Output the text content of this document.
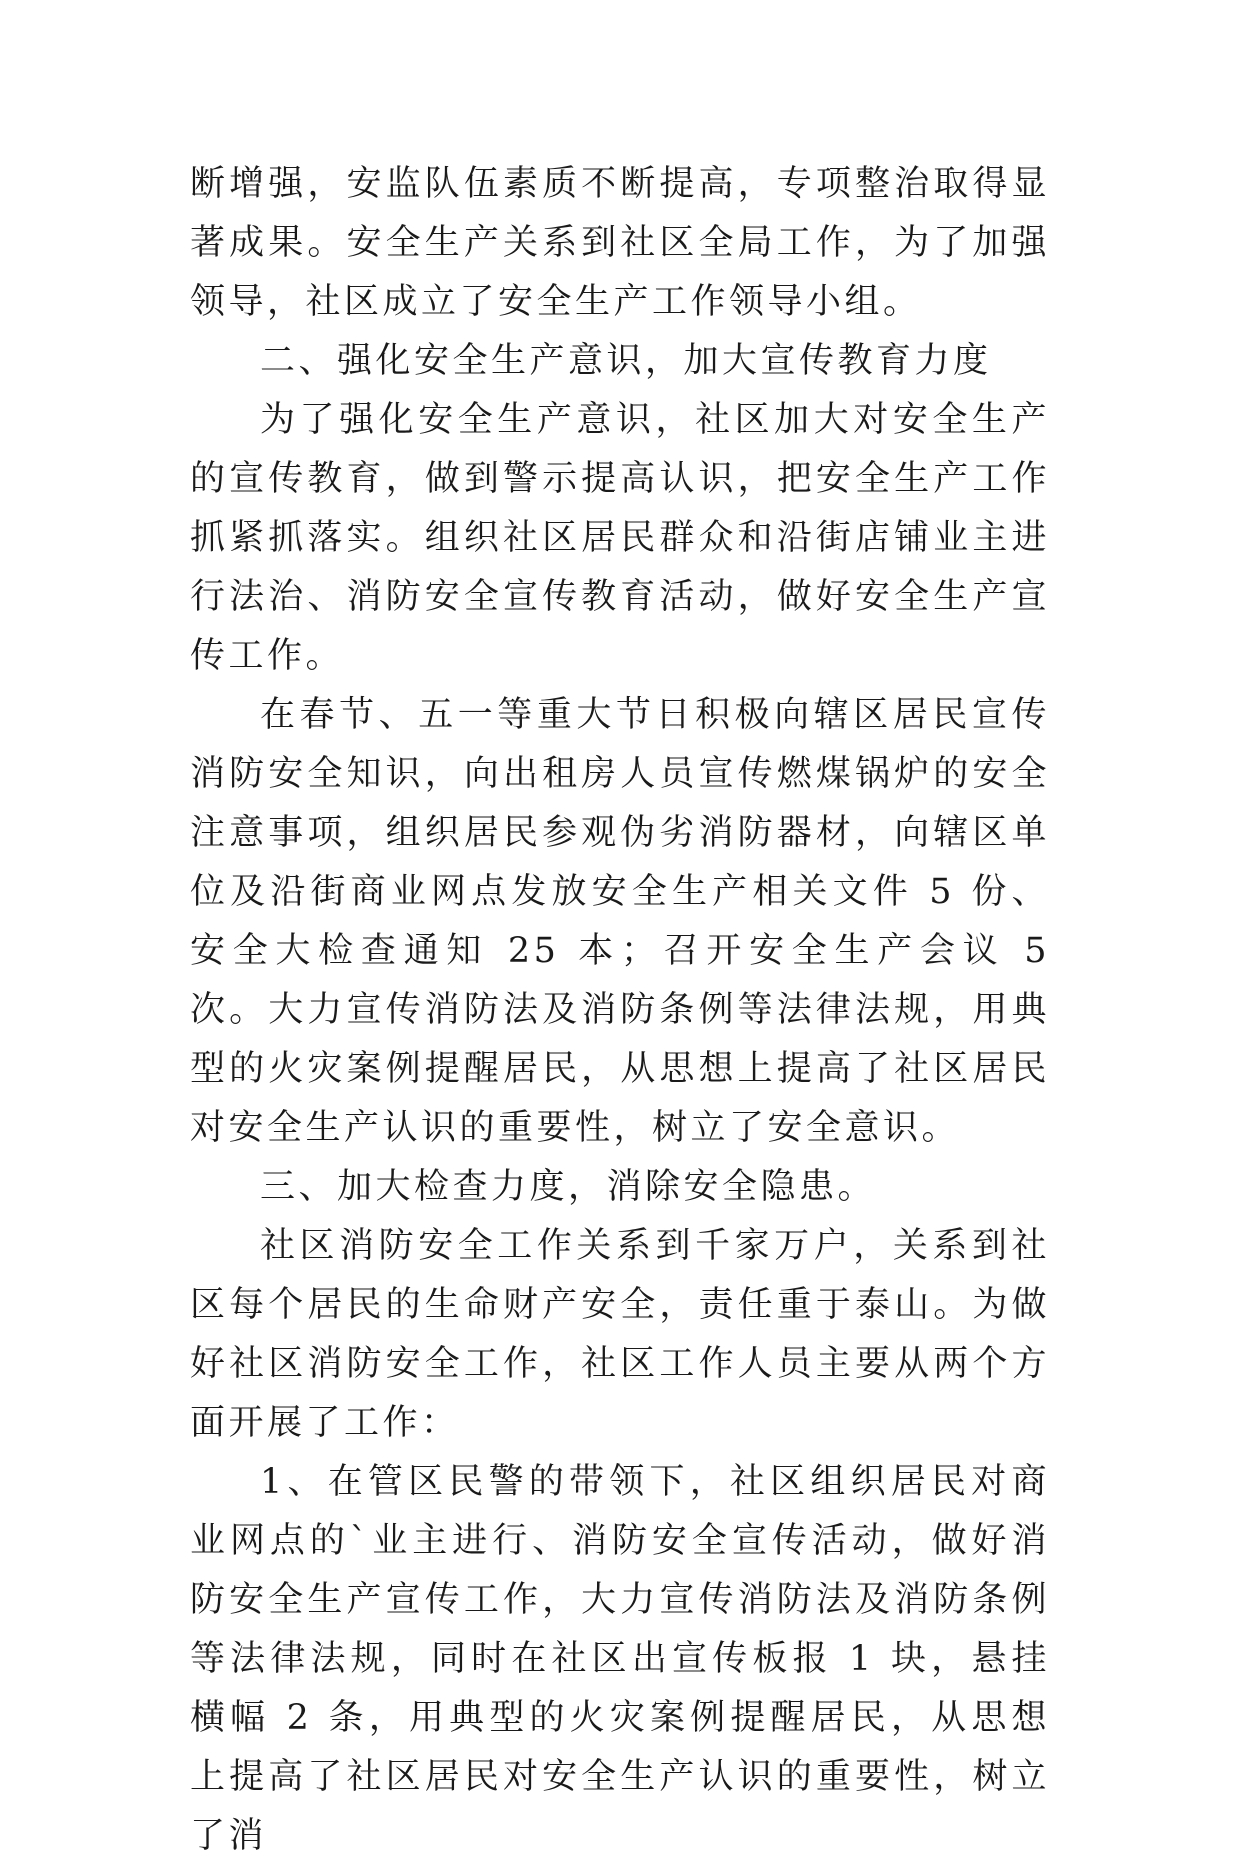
断增强，安监队伍素质不断提高，专项整治取得显著成果。安全生产关系到社区全局工作，为了加强领导，社区成立了安全生产工作领导小组。

二、强化安全生产意识，加大宣传教育力度

为了强化安全生产意识，社区加大对安全生产的宣传教育，做到警示提高认识，把安全生产工作抓紧抓落实。组织社区居民群众和沿街店铺业主进行法治、消防安全宣传教育活动，做好安全生产宣传工作。

在春节、五一等重大节日积极向辖区居民宣传消防安全知识，向出租房人员宣传燃煤锅炉的安全注意事项，组织居民参观伪劣消防器材，向辖区单位及沿街商业网点发放安全生产相关文件 5 份、安全大检查通知 25 本；召开安全生产会议 5 次。大力宣传消防法及消防条例等法律法规，用典型的火灾案例提醒居民，从思想上提高了社区居民对安全生产认识的重要性，树立了安全意识。

三、加大检查力度，消除安全隐患。

社区消防安全工作关系到千家万户，关系到社区每个居民的生命财产安全，责任重于泰山。为做好社区消防安全工作，社区工作人员主要从两个方面开展了工作：

1、在管区民警的带领下，社区组织居民对商业网点的`业主进行、消防安全宣传活动，做好消防安全生产宣传工作，大力宣传消防法及消防条例等法律法规，同时在社区出宣传板报 1 块，悬挂横幅 2 条，用典型的火灾案例提醒居民，从思想上提高了社区居民对安全生产认识的重要性，树立了消
